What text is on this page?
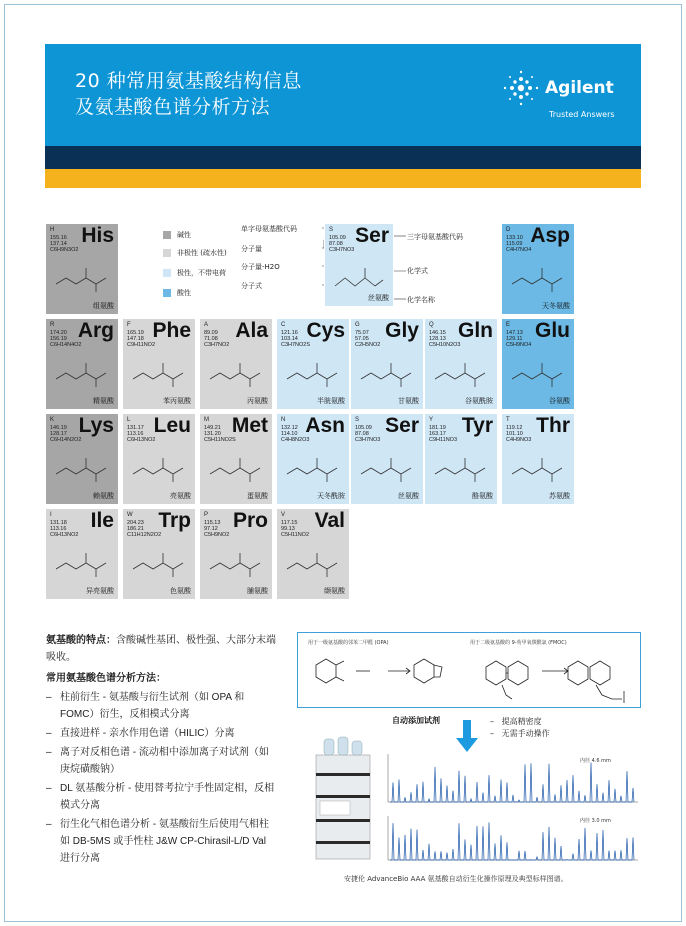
20 种常用氨基酸结构信息
及氨基酸色谱分析方法
Agilent
Trusted Answers
碱性
非极性 (疏水性)
极性，不带电荷
酸性
单字母氨基酸代码
分子量
分子量-H2O
分子式
三字母氨基酸代码
化学式
化学名称
S Ser
105.09
87.08
C3H7NO3
丝氨酸
H His
155.16
137.14
C6H9N3O2
组氨酸
D Asp
133.10
115.09
C4H7NO4
天冬氨酸
R Arg
174.20
156.19
C6H14N4O2
精氨酸
F Phe
165.19
147.18
C9H11NO2
苯丙氨酸
A Ala
89.09
71.08
C3H7NO2
丙氨酸
C Cys
121.16
103.14
C3H7NO2S
半胱氨酸
G Gly
75.07
57.05
C2H5NO2
甘氨酸
Q Gln
146.15
128.13
C5H10N2O3
谷氨酰胺
E Glu
147.13
129.11
C5H9NO4
谷氨酸
K Lys
146.19
128.17
C6H14N2O2
赖氨酸
L Leu
131.17
113.16
C6H13NO2
亮氨酸
M Met
149.21
131.20
C5H11NO2S
蛋氨酸
N Asn
132.12
114.10
C4H8N2O3
天冬酰胺
S Ser
105.09
87.08
C3H7NO3
丝氨酸
Y Tyr
181.19
163.17
C9H11NO3
酪氨酸
T Thr
119.12
101.10
C4H9NO3
苏氨酸
I Ile
131.18
113.16
C6H13NO2
异亮氨酸
W Trp
204.23
186.21
C11H12N2O2
色氨酸
P Pro
115.13
97.12
C5H9NO2
脯氨酸
V Val
117.15
99.13
C5H11NO2
缬氨酸
氨基酸的特点：含酸碱性基团、极性强、大部分末端吸收。
常用氨基酸色谱分析方法：
– 柱前衍生 - 氨基酸与衍生试剂（如 OPA 和 FOMC）衍生，反相模式分离
– 直接进样 - 亲水作用色谱（HILIC）分离
– 离子对反相色谱 - 流动相中添加离子对试剂（如庚烷磺酸钠）
– DL 氨基酸分析 - 使用替考拉宁手性固定相，反相模式分离
– 衍生化气相色谱分析 - 氨基酸衍生后使用气相柱如 DB-5MS 或手性柱 J&W CP-Chirasil-L/D Val 进行分离
用于一级氨基酸的邻苯二甲醛 (OPA)	用于二级氨基酸的 9-芴甲氧羰酰氯 (FMOC)
自动添加试剂	–   提高精密度
–   无需手动操作
内径 4.6 mm
内径 3.0 mm
安捷伦 AdvanceBio AAA 氨基酸自动衍生化操作原理及典型标样图谱。
